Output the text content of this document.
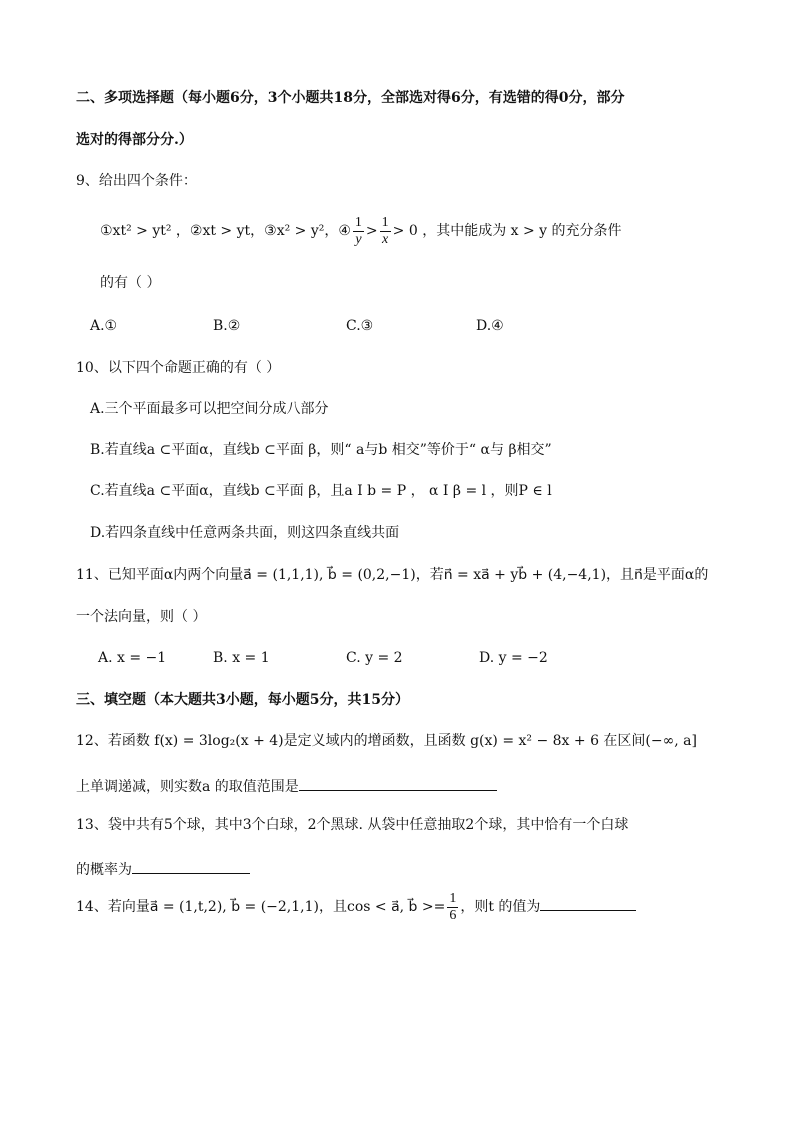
二、多项选择题（每小题6分，3个小题共18分，全部选对得6分，有选错的得0分，部分
选对的得部分分.）
9、给出四个条件：
①xt² > yt² ，②xt > yt，③x² > y²，④ $\frac{1}{y} > \frac{1}{x} > 0$ ，其中能成为 x > y 的充分条件
的有（ ）
A.①	B.②	C.③	D.④
10、以下四个命题正确的有（ ）
A.三个平面最多可以把空间分成八部分
B.若直线a ⊂平面α，直线b ⊂平面 β，则“ a与b 相交”等价于“ α与 β相交”
C.若直线a ⊂平面α，直线b ⊂平面 β，且a I b = P ， α I β = l ，则P ∈ l
D.若四条直线中任意两条共面，则这四条直线共面
11、已知平面α内两个向量a⃗ = (1,1,1), b⃗ = (0,2,−1)，若n⃗ = xa⃗ + yb⃗ + (4,−4,1)，且n⃗是平面α的
一个法向量，则（ ）
A. x = −1	B. x = 1	C. y = 2	D. y = −2
三、填空题（本大题共3小题，每小题5分，共15分）
12、若函数 f(x) = 3log₂(x + 4)是定义域内的增函数，且函数 g(x) = x² − 8x + 6 在区间(−∞, a]
上单调递减，则实数a 的取值范围是
13、袋中共有5个球，其中3个白球，2个黑球. 从袋中任意抽取2个球，其中恰有一个白球
的概率为
14、若向量a⃗ = (1,t,2), b⃗ = (−2,1,1)，且cos < a⃗, b⃗ >= $\frac{1}{6}$ ，则t 的值为
